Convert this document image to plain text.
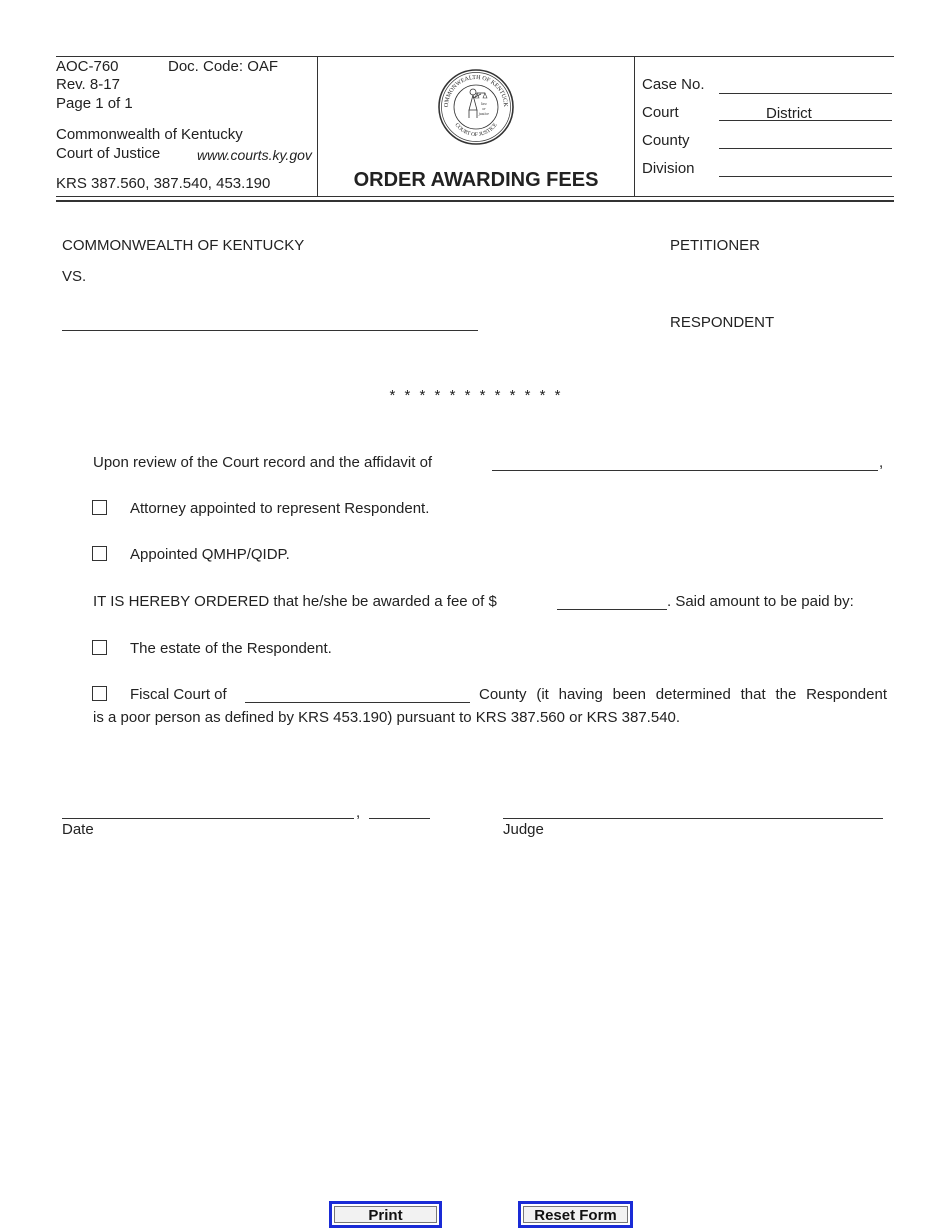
AOC-760	Doc. Code: OAF
Rev. 8-17
Page 1 of 1
Commonwealth of Kentucky
Court of Justice	www.courts.ky.gov
KRS 387.560, 387.540, 453.190
OMMONWEALTH OF KENTUCK
COURT OF JUSTICE
law
or
justice
ORDER AWARDING FEES
Case No.
Court	District
County
Division
COMMONWEALTH OF KENTUCKY	PETITIONER
VS.
RESPONDENT
* * * * * * * * * * * *
Upon review of the Court record and the affidavit of	,
Attorney appointed to represent Respondent.
Appointed QMHP/QIDP.
IT IS HEREBY ORDERED that he/she be awarded a fee of $	. Said amount to be paid by:
The estate of the Respondent.
Fiscal Court of	County (it having been determined that the Respondent
is a poor person as defined by KRS 453.190) pursuant to KRS 387.560 or KRS 387.540.
,
Date	Judge
Print	Reset Form
